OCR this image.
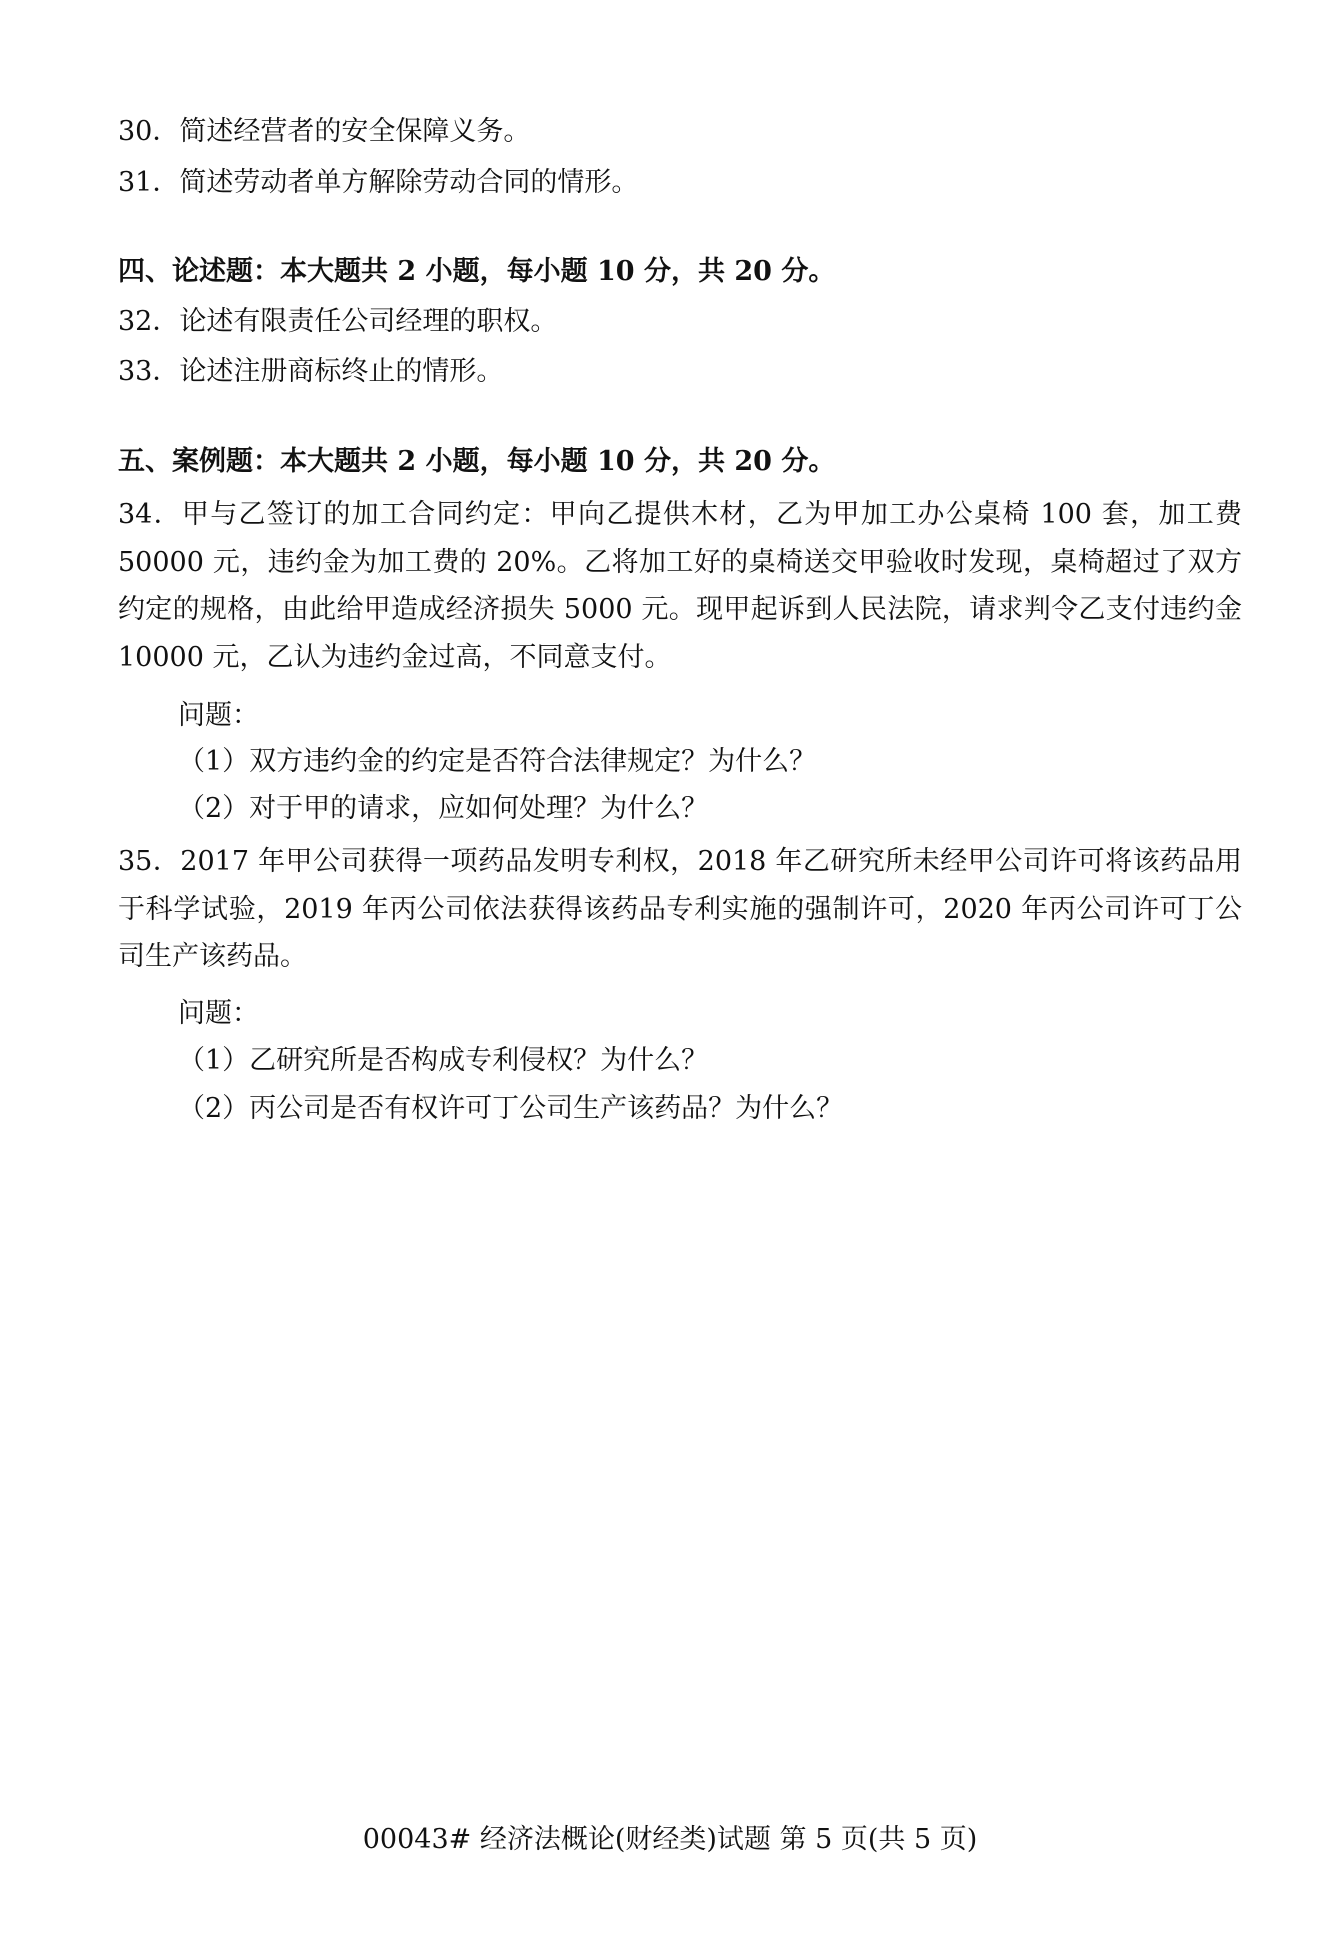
30．简述经营者的安全保障义务。
31．简述劳动者单方解除劳动合同的情形。
四、论述题：本大题共 2 小题，每小题 10 分，共 20 分。
32．论述有限责任公司经理的职权。
33．论述注册商标终止的情形。
五、案例题：本大题共 2 小题，每小题 10 分，共 20 分。
34．甲与乙签订的加工合同约定：甲向乙提供木材，乙为甲加工办公桌椅 100 套，加工费 50000 元，违约金为加工费的 20%。乙将加工好的桌椅送交甲验收时发现，桌椅超过了双方约定的规格，由此给甲造成经济损失 5000 元。现甲起诉到人民法院，请求判令乙支付违约金 10000 元，乙认为违约金过高，不同意支付。
问题：
（1）双方违约金的约定是否符合法律规定？为什么？
（2）对于甲的请求，应如何处理？为什么？
35．2017 年甲公司获得一项药品发明专利权，2018 年乙研究所未经甲公司许可将该药品用于科学试验，2019 年丙公司依法获得该药品专利实施的强制许可，2020 年丙公司许可丁公司生产该药品。
问题：
（1）乙研究所是否构成专利侵权？为什么？
（2）丙公司是否有权许可丁公司生产该药品？为什么？
00043# 经济法概论(财经类)试题 第 5 页(共 5 页)
